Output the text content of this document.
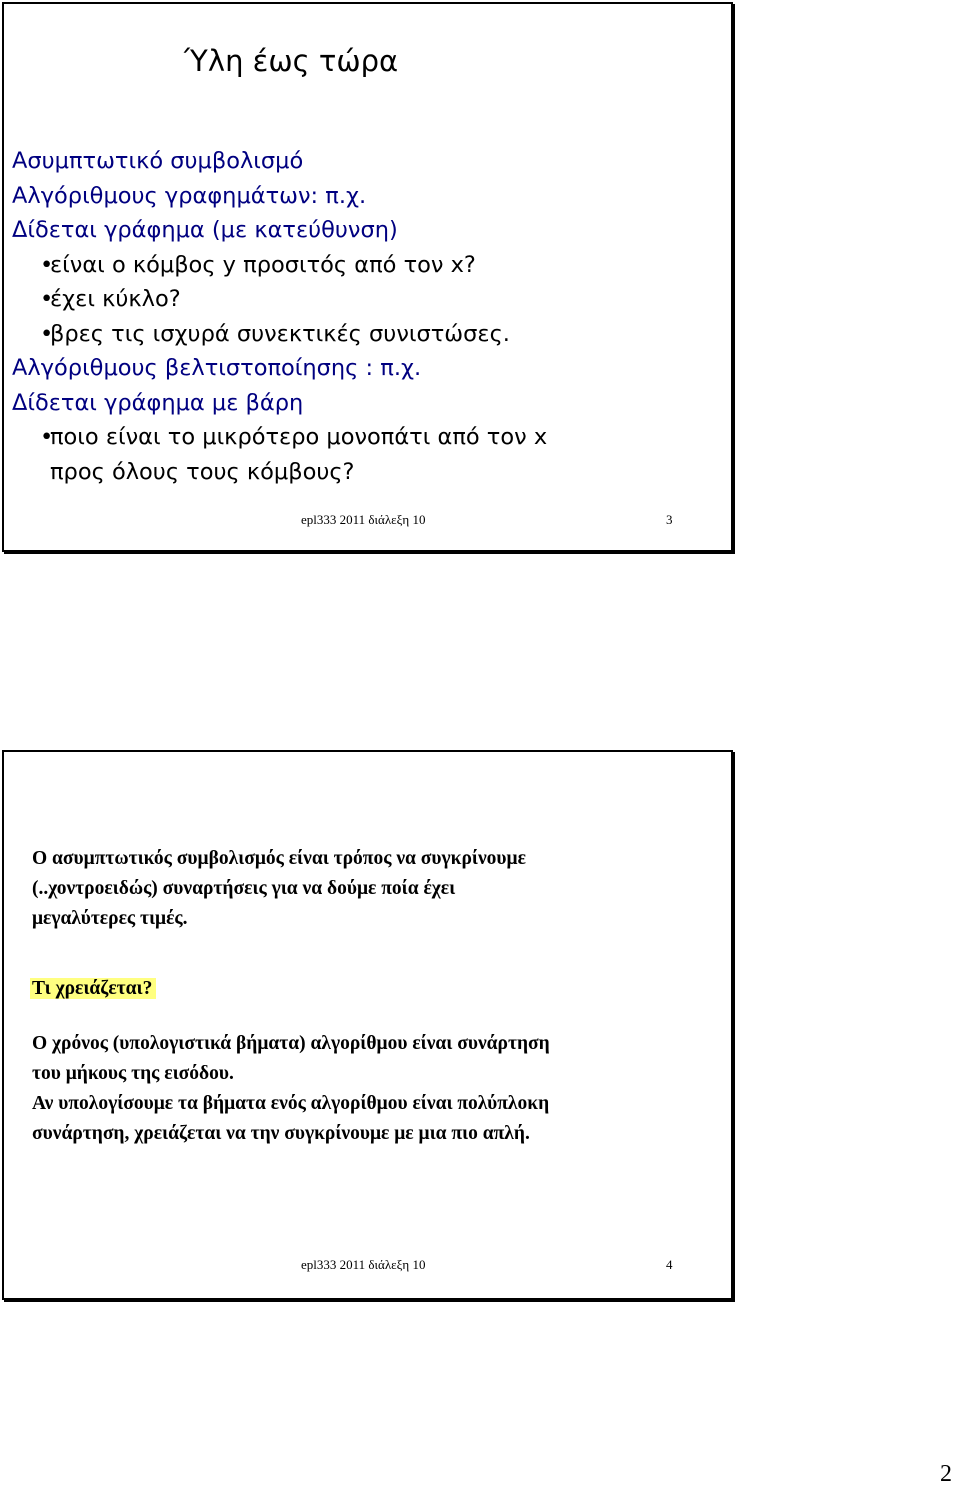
Ύλη έως τώρα
Ασυμπτωτικό συμβολισμό
Αλγόριθμους γραφημάτων: π.χ.
Δίδεται γράφημα (με κατεύθυνση)
•είναι ο κόμβος y προσιτός από τον x?
•έχει κύκλο?
•βρες τις ισχυρά συνεκτικές συνιστώσες.
Αλγόριθμους βελτιστοποίησης : π.χ.
Δίδεται γράφημα με βάρη
•ποιο είναι το μικρότερο μονοπάτι από τον x
προς όλους τους κόμβους?
epl333 2011 διάλεξη 10	3
Ο ασυμπτωτικός συμβολισμός είναι τρόπος να συγκρίνουμε
(..χοντροειδώς) συναρτήσεις για να δούμε ποία έχει
μεγαλύτερες τιμές.
Τι χρειάζεται?
Ο χρόνος (υπολογιστικά βήματα) αλγορίθμου είναι συνάρτηση
του μήκους της εισόδου.
Αν υπολογίσουμε τα βήματα ενός αλγορίθμου είναι πολύπλοκη
συνάρτηση, χρειάζεται να την συγκρίνουμε με μια πιο απλή.
epl333 2011 διάλεξη 10	4
2
